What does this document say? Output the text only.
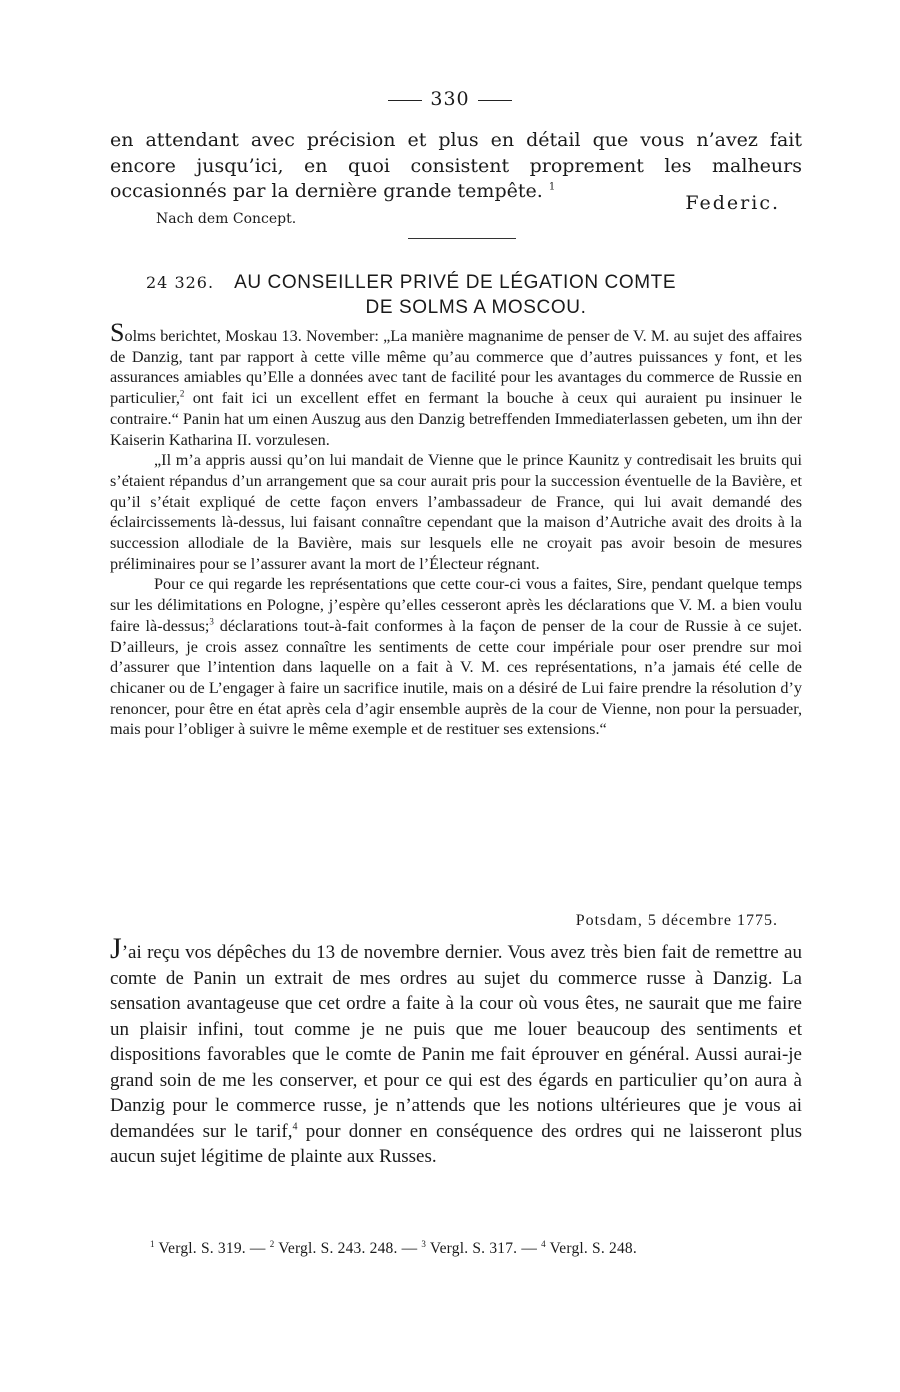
330

en attendant avec précision et plus en détail que vous n’avez fait encore jusqu’ici, en quoi consistent proprement les malheurs occasionnés par la dernière grande tempête. $^1$

Federic.
Nach dem Concept.
24 326. AU CONSEILLER PRIVÉ DE LÉGATION COMTE
DE SOLMS A MOSCOU.

Solms berichtet, Moskau 13. November: „La manière magnanime de penser de V. M. au sujet des affaires de Danzig, tant par rapport à cette ville même qu’au commerce que d’autres puissances y font, et les assurances amiables qu’Elle a données avec tant de facilité pour les avantages du commerce de Russie en particulier,$^2$ ont fait ici un excellent effet en fermant la bouche à ceux qui auraient pu insinuer le contraire.“ Panin hat um einen Auszug aus den Danzig betreffenden Immediaterlassen gebeten, um ihn der Kaiserin Katharina II. vorzulesen.

„Il m’a appris aussi qu’on lui mandait de Vienne que le prince Kaunitz y contredisait les bruits qui s’étaient répandus d’un arrangement que sa cour aurait pris pour la succession éventuelle de la Bavière, et qu’il s’était expliqué de cette façon envers l’ambassadeur de France, qui lui avait demandé des éclaircissements là-dessus, lui faisant connaître cependant que la maison d’Autriche avait des droits à la succession allodiale de la Bavière, mais sur lesquels elle ne croyait pas avoir besoin de mesures préliminaires pour se l’assurer avant la mort de l’Électeur régnant.

Pour ce qui regarde les représentations que cette cour-ci vous a faites, Sire, pendant quelque temps sur les délimitations en Pologne, j’espère qu’elles cesseront après les déclarations que V. M. a bien voulu faire là-dessus;$^3$ déclarations tout-à-fait conformes à la façon de penser de la cour de Russie à ce sujet. D’ailleurs, je crois assez connaître les sentiments de cette cour impériale pour oser prendre sur moi d’assurer que l’intention dans laquelle on a fait à V. M. ces représentations, n’a jamais été celle de chicaner ou de L’engager à faire un sacrifice inutile, mais on a désiré de Lui faire prendre la résolution d’y renoncer, pour être en état après cela d’agir ensemble auprès de la cour de Vienne, non pour la persuader, mais pour l’obliger à suivre le même exemple et de restituer ses extensions.“

Potsdam, 5 décembre 1775.

J’ai reçu vos dépêches du 13 de novembre dernier. Vous avez très bien fait de remettre au comte de Panin un extrait de mes ordres au sujet du commerce russe à Danzig. La sensation avantageuse que cet ordre a faite à la cour où vous êtes, ne saurait que me faire un plaisir infini, tout comme je ne puis que me louer beaucoup des sentiments et dispositions favorables que le comte de Panin me fait éprouver en général. Aussi aurai-je grand soin de me les conserver, et pour ce qui est des égards en particulier qu’on aura à Danzig pour le commerce russe, je n’attends que les notions ultérieures que je vous ai demandées sur le tarif,$^4$ pour donner en conséquence des ordres qui ne laisseront plus aucun sujet légitime de plainte aux Russes.

$^1$ Vergl. S. 319. — $^2$ Vergl. S. 243. 248. — $^3$ Vergl. S. 317. — $^4$ Vergl. S. 248.
